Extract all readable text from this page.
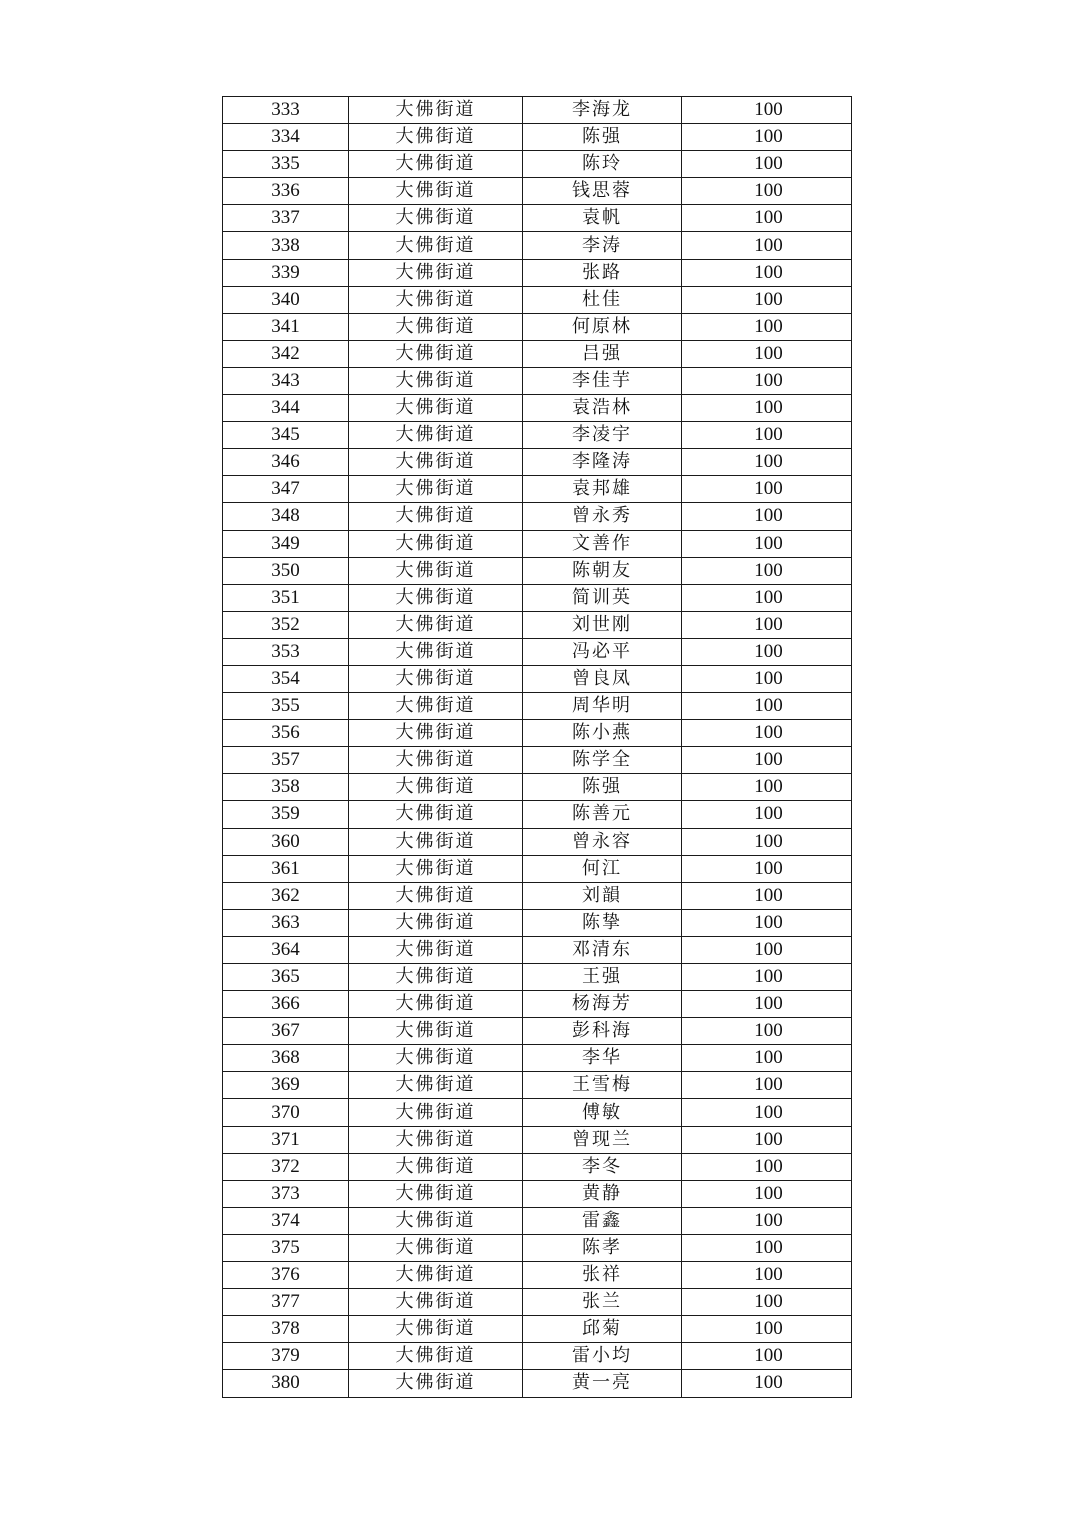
333	大佛街道	李海龙	100
334	大佛街道	陈强	100
335	大佛街道	陈玲	100
336	大佛街道	钱思蓉	100
337	大佛街道	袁帆	100
338	大佛街道	李涛	100
339	大佛街道	张路	100
340	大佛街道	杜佳	100
341	大佛街道	何原林	100
342	大佛街道	吕强	100
343	大佛街道	李佳芋	100
344	大佛街道	袁浩林	100
345	大佛街道	李凌宇	100
346	大佛街道	李隆涛	100
347	大佛街道	袁邦雄	100
348	大佛街道	曾永秀	100
349	大佛街道	文善作	100
350	大佛街道	陈朝友	100
351	大佛街道	简训英	100
352	大佛街道	刘世刚	100
353	大佛街道	冯必平	100
354	大佛街道	曾良凤	100
355	大佛街道	周华明	100
356	大佛街道	陈小燕	100
357	大佛街道	陈学全	100
358	大佛街道	陈强	100
359	大佛街道	陈善元	100
360	大佛街道	曾永容	100
361	大佛街道	何江	100
362	大佛街道	刘韻	100
363	大佛街道	陈挚	100
364	大佛街道	邓清东	100
365	大佛街道	王强	100
366	大佛街道	杨海芳	100
367	大佛街道	彭科海	100
368	大佛街道	李华	100
369	大佛街道	王雪梅	100
370	大佛街道	傅敏	100
371	大佛街道	曾现兰	100
372	大佛街道	李冬	100
373	大佛街道	黄静	100
374	大佛街道	雷鑫	100
375	大佛街道	陈孝	100
376	大佛街道	张祥	100
377	大佛街道	张兰	100
378	大佛街道	邱菊	100
379	大佛街道	雷小均	100
380	大佛街道	黄一亮	100
